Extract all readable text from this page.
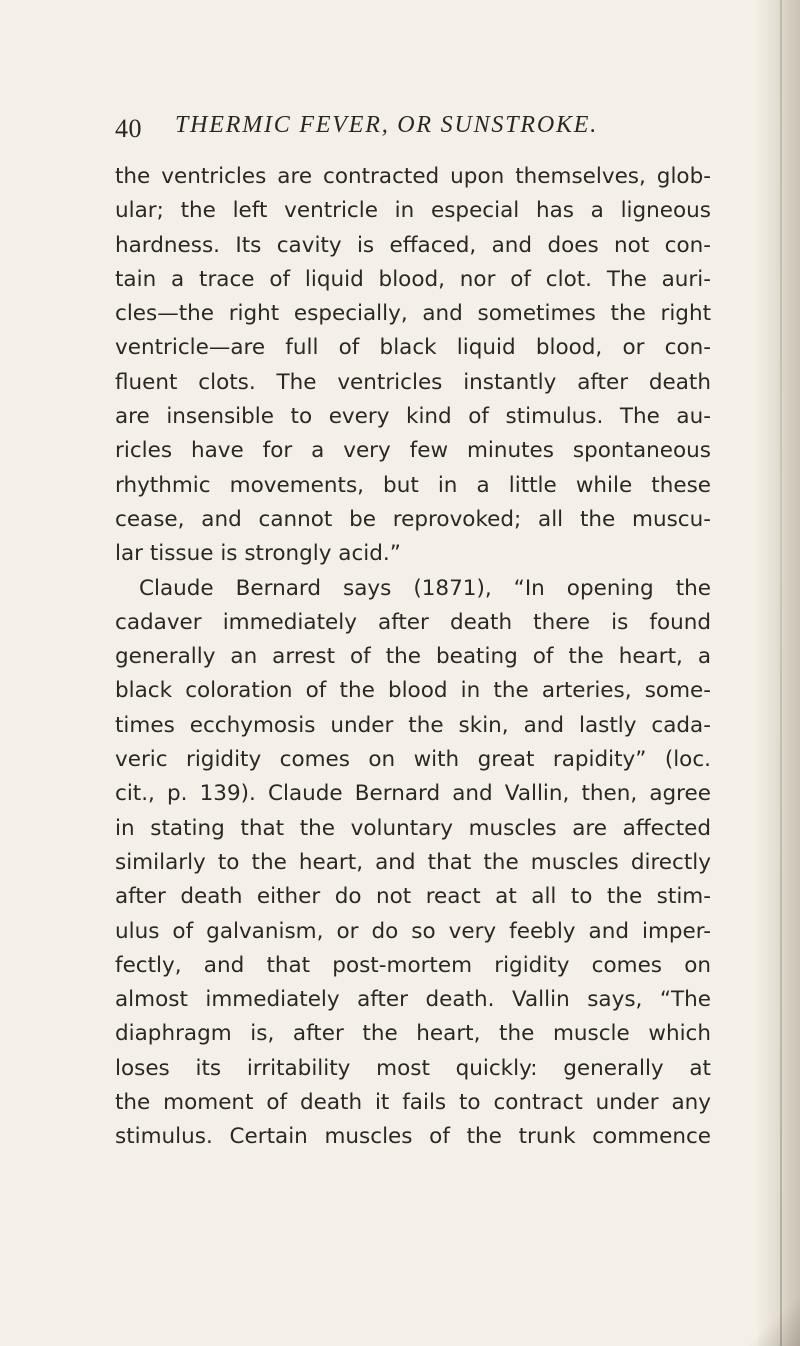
40 THERMIC FEVER, OR SUNSTROKE.
the ventricles are contracted upon themselves, glob-
ular; the left ventricle in especial has a ligneous
hardness. Its cavity is effaced, and does not con-
tain a trace of liquid blood, nor of clot. The auri-
cles—the right especially, and sometimes the right
ventricle—are full of black liquid blood, or con-
fluent clots. The ventricles instantly after death
are insensible to every kind of stimulus. The au-
ricles have for a very few minutes spontaneous
rhythmic movements, but in a little while these
cease, and cannot be reprovoked; all the muscu-
lar tissue is strongly acid.”
Claude Bernard says (1871), “In opening the
cadaver immediately after death there is found
generally an arrest of the beating of the heart, a
black coloration of the blood in the arteries, some-
times ecchymosis under the skin, and lastly cada-
veric rigidity comes on with great rapidity” (loc.
cit., p. 139). Claude Bernard and Vallin, then, agree
in stating that the voluntary muscles are affected
similarly to the heart, and that the muscles directly
after death either do not react at all to the stim-
ulus of galvanism, or do so very feebly and imper-
fectly, and that post-mortem rigidity comes on
almost immediately after death. Vallin says, “The
diaphragm is, after the heart, the muscle which
loses its irritability most quickly: generally at
the moment of death it fails to contract under any
stimulus. Certain muscles of the trunk commence
